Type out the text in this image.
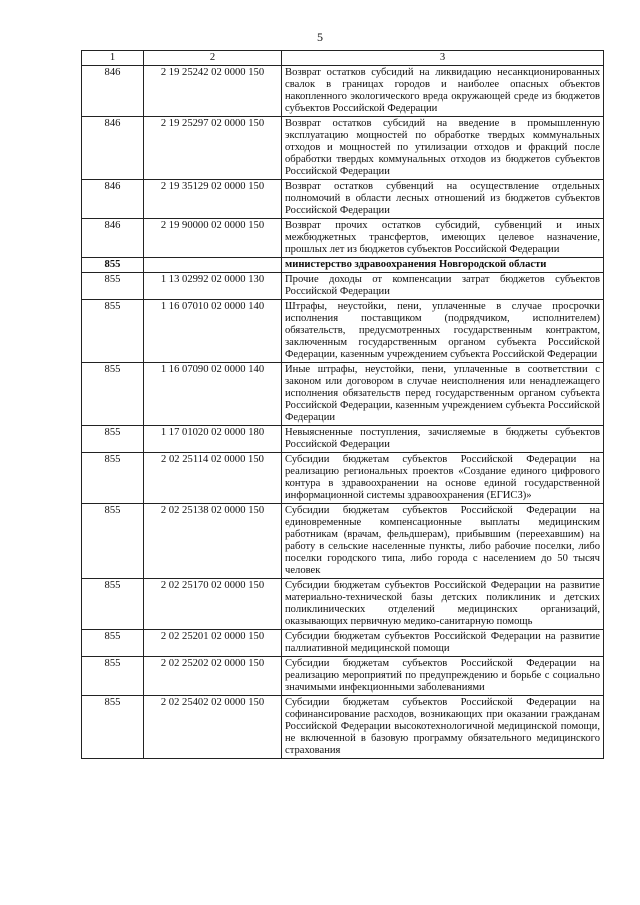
5
1	2	3
846	2 19 25242 02 0000 150	Возврат остатков субсидий на ликвидацию несанкционированных свалок в границах городов и наиболее опасных объектов накопленного экологического вреда окружающей среде из бюджетов субъектов Российской Федерации
846	2 19 25297 02 0000 150	Возврат остатков субсидий на введение в промышленную эксплуатацию мощностей по обработке твердых коммунальных отходов и мощностей по утилизации отходов и фракций после обработки твердых коммунальных отходов из бюджетов субъектов Российской Федерации
846	2 19 35129 02 0000 150	Возврат остатков субвенций на осуществление отдельных полномочий в области лесных отношений из бюджетов субъектов Российской Федерации
846	2 19 90000 02 0000 150	Возврат прочих остатков субсидий, субвенций и иных межбюджетных трансфертов, имеющих целевое назначение, прошлых лет из бюджетов субъектов Российской Федерации
855		министерство здравоохранения Новгородской области
855	1 13 02992 02 0000 130	Прочие доходы от компенсации затрат бюджетов субъектов Российской Федерации
855	1 16 07010 02 0000 140	Штрафы, неустойки, пени, уплаченные в случае просрочки исполнения поставщиком (подрядчиком, исполнителем) обязательств, предусмотренных государственным контрактом, заключенным государственным органом субъекта Российской Федерации, казенным учреждением субъекта Российской Федерации
855	1 16 07090 02 0000 140	Иные штрафы, неустойки, пени, уплаченные в соответствии с законом или договором в случае неисполнения или ненадлежащего исполнения обязательств перед государственным органом субъекта Российской Федерации, казенным учреждением субъекта Российской Федерации
855	1 17 01020 02 0000 180	Невыясненные поступления, зачисляемые в бюджеты субъектов Российской Федерации
855	2 02 25114 02 0000 150	Субсидии бюджетам субъектов Российской Федерации на реализацию региональных проектов «Создание единого цифрового контура в здравоохранении на основе единой государственной информационной системы здравоохранения (ЕГИСЗ)»
855	2 02 25138 02 0000 150	Субсидии бюджетам субъектов Российской Федерации на единовременные компенсационные выплаты медицинским работникам (врачам, фельдшерам), прибывшим (переехавшим) на работу в сельские населенные пункты, либо рабочие поселки, либо поселки городского типа, либо города с населением до 50 тысяч человек
855	2 02 25170 02 0000 150	Субсидии бюджетам субъектов Российской Федерации на развитие материально-технической базы детских поликлиник и детских поликлинических отделений медицинских организаций, оказывающих первичную медико-санитарную помощь
855	2 02 25201 02 0000 150	Субсидии бюджетам субъектов Российской Федерации на развитие паллиативной медицинской помощи
855	2 02 25202 02 0000 150	Субсидии бюджетам субъектов Российской Федерации на реализацию мероприятий по предупреждению и борьбе с социально значимыми инфекционными заболеваниями
855	2 02 25402 02 0000 150	Субсидии бюджетам субъектов Российской Федерации на софинансирование расходов, возникающих при оказании гражданам Российской Федерации высокотехнологичной медицинской помощи, не включенной в базовую программу обязательного медицинского страхования
